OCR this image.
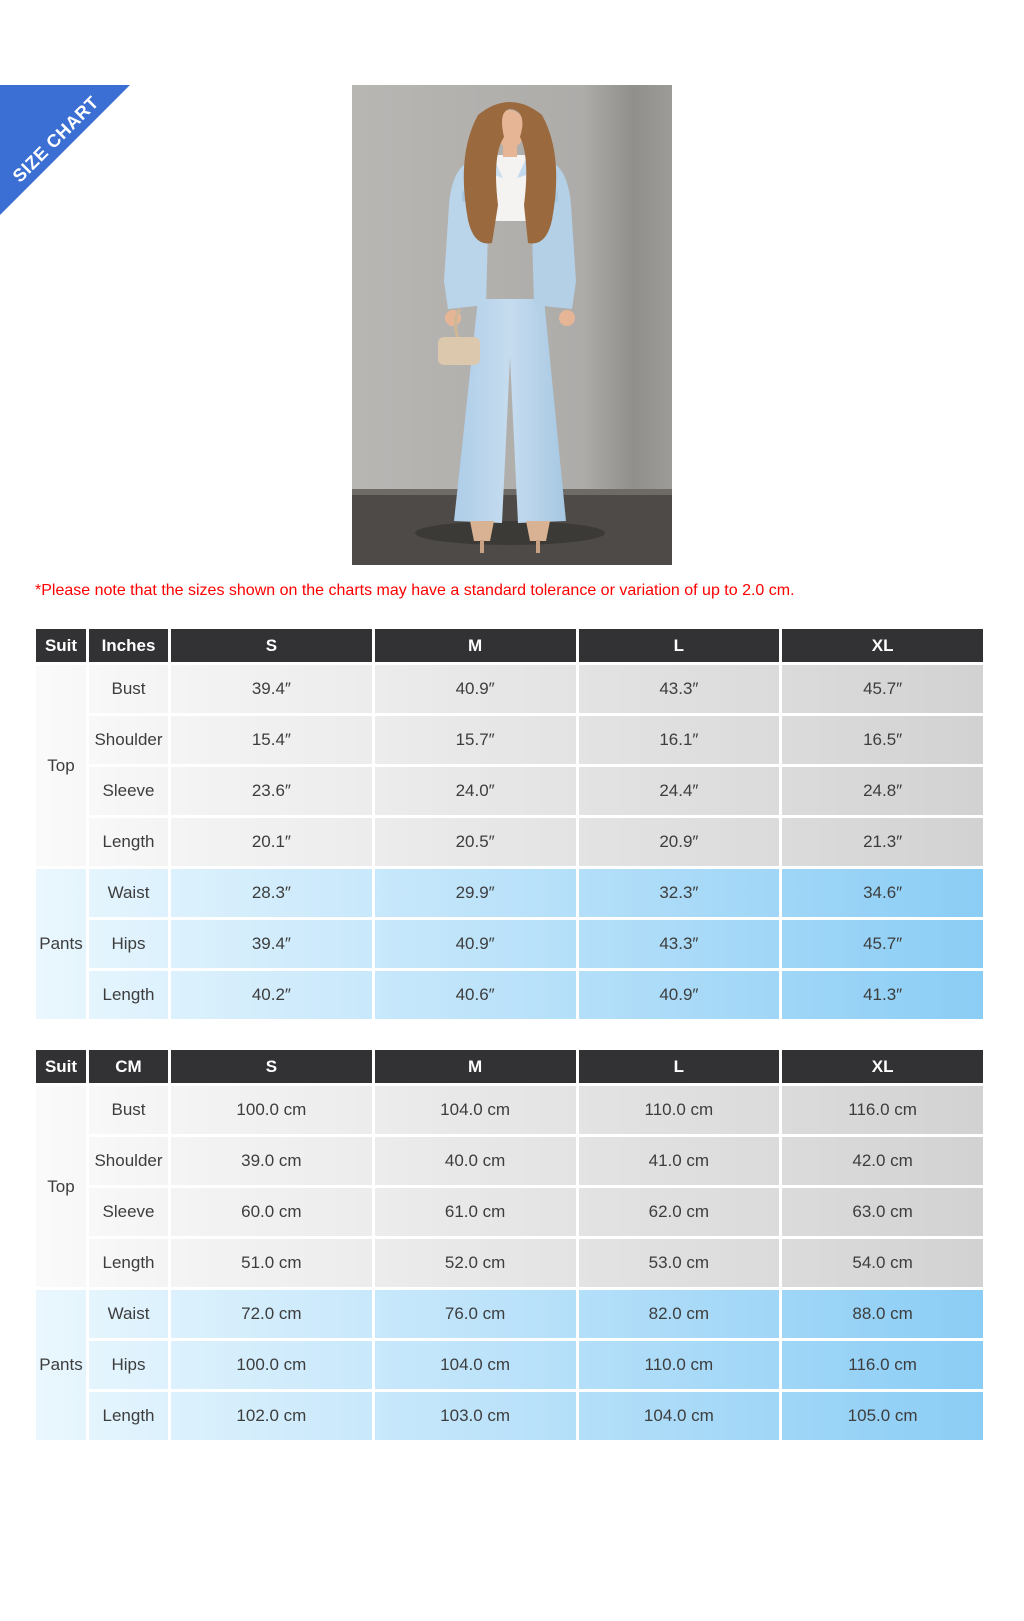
SIZE CHART

*Please note that the sizes shown on the charts may have a standard tolerance or variation of up to 2.0 cm.

Suit	Inches	S	M	L	XL
Top	Bust	39.4″	40.9″	43.3″	45.7″
	Shoulder	15.4″	15.7″	16.1″	16.5″
	Sleeve	23.6″	24.0″	24.4″	24.8″
	Length	20.1″	20.5″	20.9″	21.3″
Pants	Waist	28.3″	29.9″	32.3″	34.6″
	Hips	39.4″	40.9″	43.3″	45.7″
	Length	40.2″	40.6″	40.9″	41.3″
Suit	CM	S	M	L	XL
Top	Bust	100.0 cm	104.0 cm	110.0 cm	116.0 cm
	Shoulder	39.0 cm	40.0 cm	41.0 cm	42.0 cm
	Sleeve	60.0 cm	61.0 cm	62.0 cm	63.0 cm
	Length	51.0 cm	52.0 cm	53.0 cm	54.0 cm
Pants	Waist	72.0 cm	76.0 cm	82.0 cm	88.0 cm
	Hips	100.0 cm	104.0 cm	110.0 cm	116.0 cm
	Length	102.0 cm	103.0 cm	104.0 cm	105.0 cm
